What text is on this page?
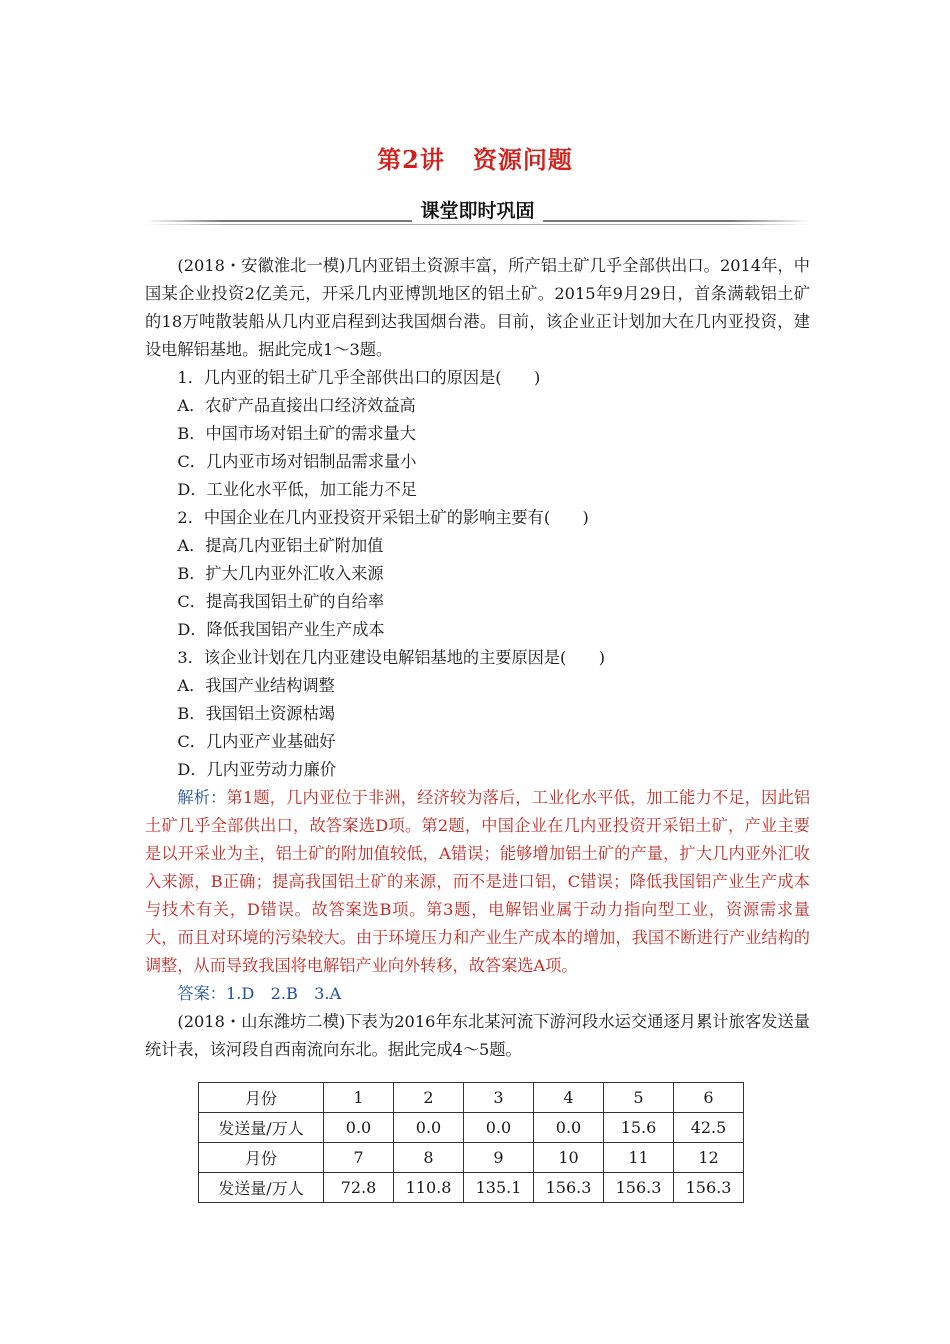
第2讲 资源问题
课堂即时巩固

(2018・安徽淮北一模)几内亚铝土资源丰富，所产铝土矿几乎全部供出口。2014年，中国某企业投资2亿美元，开采几内亚博凯地区的铝土矿。2015年9月29日，首条满载铝土矿的18万吨散装船从几内亚启程到达我国烟台港。目前，该企业正计划加大在几内亚投资，建设电解铝基地。据此完成1～3题。

1．几内亚的铝土矿几乎全部供出口的原因是(　　)

A．农矿产品直接出口经济效益高

B．中国市场对铝土矿的需求量大

C．几内亚市场对铝制品需求量小

D．工业化水平低，加工能力不足

2．中国企业在几内亚投资开采铝土矿的影响主要有(　　)

A．提高几内亚铝土矿附加值

B．扩大几内亚外汇收入来源

C．提高我国铝土矿的自给率

D．降低我国铝产业生产成本

3．该企业计划在几内亚建设电解铝基地的主要原因是(　　)

A．我国产业结构调整

B．我国铝土资源枯竭

C．几内亚产业基础好

D．几内亚劳动力廉价

解析：第1题，几内亚位于非洲，经济较为落后，工业化水平低，加工能力不足，因此铝土矿几乎全部供出口，故答案选D项。第2题，中国企业在几内亚投资开采铝土矿，产业主要是以开采业为主，铝土矿的附加值较低，A错误；能够增加铝土矿的产量，扩大几内亚外汇收入来源，B正确；提高我国铝土矿的来源，而不是进口铝，C错误；降低我国铝产业生产成本与技术有关，D错误。故答案选B项。第3题，电解铝业属于动力指向型工业，资源需求量大，而且对环境的污染较大。由于环境压力和产业生产成本的增加，我国不断进行产业结构的调整，从而导致我国将电解铝产业向外转移，故答案选A项。

答案：1.D　2.B　3.A

(2018・山东潍坊二模)下表为2016年东北某河流下游河段水运交通逐月累计旅客发送量统计表，该河段自西南流向东北。据此完成4～5题。

月份	1	2	3	4	5	6
发送量/万人	0.0	0.0	0.0	0.0	15.6	42.5
月份	7	8	9	10	11	12
发送量/万人	72.8	110.8	135.1	156.3	156.3	156.3
